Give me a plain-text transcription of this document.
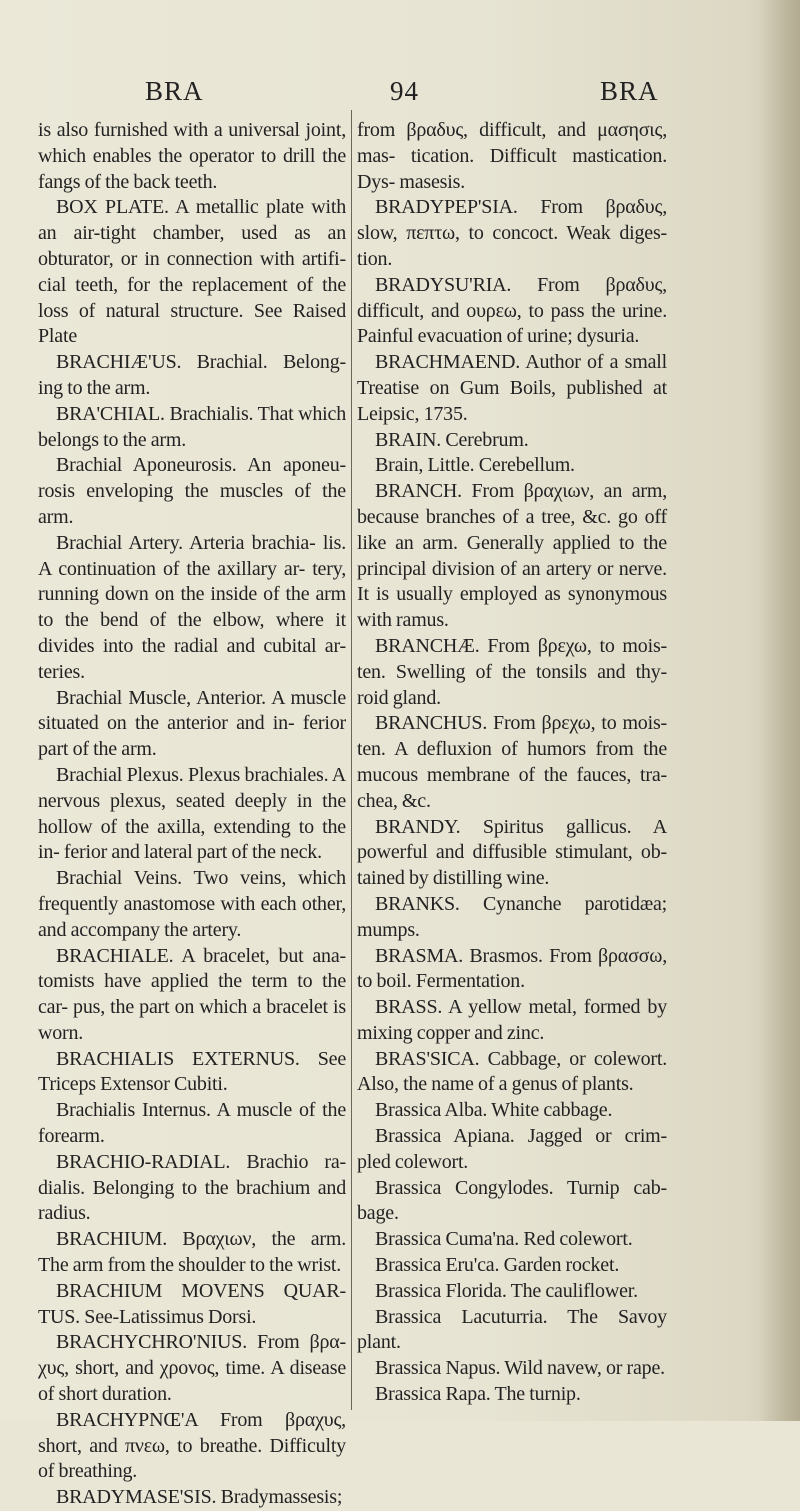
BRA	94	BRA

is also furnished with a universal joint, which enables the operator to drill the fangs of the back teeth.

BOX PLATE. A metallic plate with an air-tight chamber, used as an obturator, or in connection with artifi- cial teeth, for the replacement of the loss of natural structure. See Raised Plate

BRACHIÆ'US. Brachial. Belong- ing to the arm.

BRA'CHIAL. Brachialis. That which belongs to the arm.

Brachial Aponeurosis. An aponeu- rosis enveloping the muscles of the arm.

Brachial Artery. Arteria brachia- lis. A continuation of the axillary ar- tery, running down on the inside of the arm to the bend of the elbow, where it divides into the radial and cubital ar- teries.

Brachial Muscle, Anterior. A muscle situated on the anterior and in- ferior part of the arm.

Brachial Plexus. Plexus brachiales. A nervous plexus, seated deeply in the hollow of the axilla, extending to the in- ferior and lateral part of the neck.

Brachial Veins. Two veins, which frequently anastomose with each other, and accompany the artery.

BRACHIALE. A bracelet, but ana- tomists have applied the term to the car- pus, the part on which a bracelet is worn.

BRACHIALIS EXTERNUS. See Triceps Extensor Cubiti.

Brachialis Internus. A muscle of the forearm.

BRACHIO-RADIAL. Brachio ra- dialis. Belonging to the brachium and radius.

BRACHIUM. Βραχιων, the arm. The arm from the shoulder to the wrist.

BRACHIUM MOVENS QUAR- TUS. See-Latissimus Dorsi.

BRACHYCHRO'NIUS. From βρα- χυς, short, and χρονος, time. A disease of short duration.

BRACHYPNŒ'A From βραχυς, short, and πνεω, to breathe. Difficulty of breathing.

BRADYMASE'SIS. Bradymassesis;

from βραδυς, difficult, and μασησις, mas- tication. Difficult mastication. Dys- masesis.

BRADYPEP'SIA. From βραδυς, slow, πεπτω, to concoct. Weak diges- tion.

BRADYSU'RIA. From βραδυς, difficult, and ουρεω, to pass the urine. Painful evacuation of urine; dysuria.

BRACHMAEND. Author of a small Treatise on Gum Boils, published at Leipsic, 1735.

BRAIN. Cerebrum.

Brain, Little. Cerebellum.

BRANCH. From βραχιων, an arm, because branches of a tree, &c. go off like an arm. Generally applied to the principal division of an artery or nerve. It is usually employed as synonymous with ramus.

BRANCHÆ. From βρεχω, to mois- ten. Swelling of the tonsils and thy- roid gland.

BRANCHUS. From βρεχω, to mois- ten. A defluxion of humors from the mucous membrane of the fauces, tra- chea, &c.

BRANDY. Spiritus gallicus. A powerful and diffusible stimulant, ob- tained by distilling wine.

BRANKS. Cynanche parotidæa; mumps.

BRASMA. Brasmos. From βρασσω, to boil. Fermentation.

BRASS. A yellow metal, formed by mixing copper and zinc.

BRAS'SICA. Cabbage, or colewort. Also, the name of a genus of plants.

Brassica Alba. White cabbage.

Brassica Apiana. Jagged or crim- pled colewort.

Brassica Congylodes. Turnip cab- bage.

Brassica Cuma'na. Red colewort.

Brassica Eru'ca. Garden rocket.

Brassica Florida. The cauliflower.

Brassica Lacuturria. The Savoy plant.

Brassica Napus. Wild navew, or rape.

Brassica Rapa. The turnip.
